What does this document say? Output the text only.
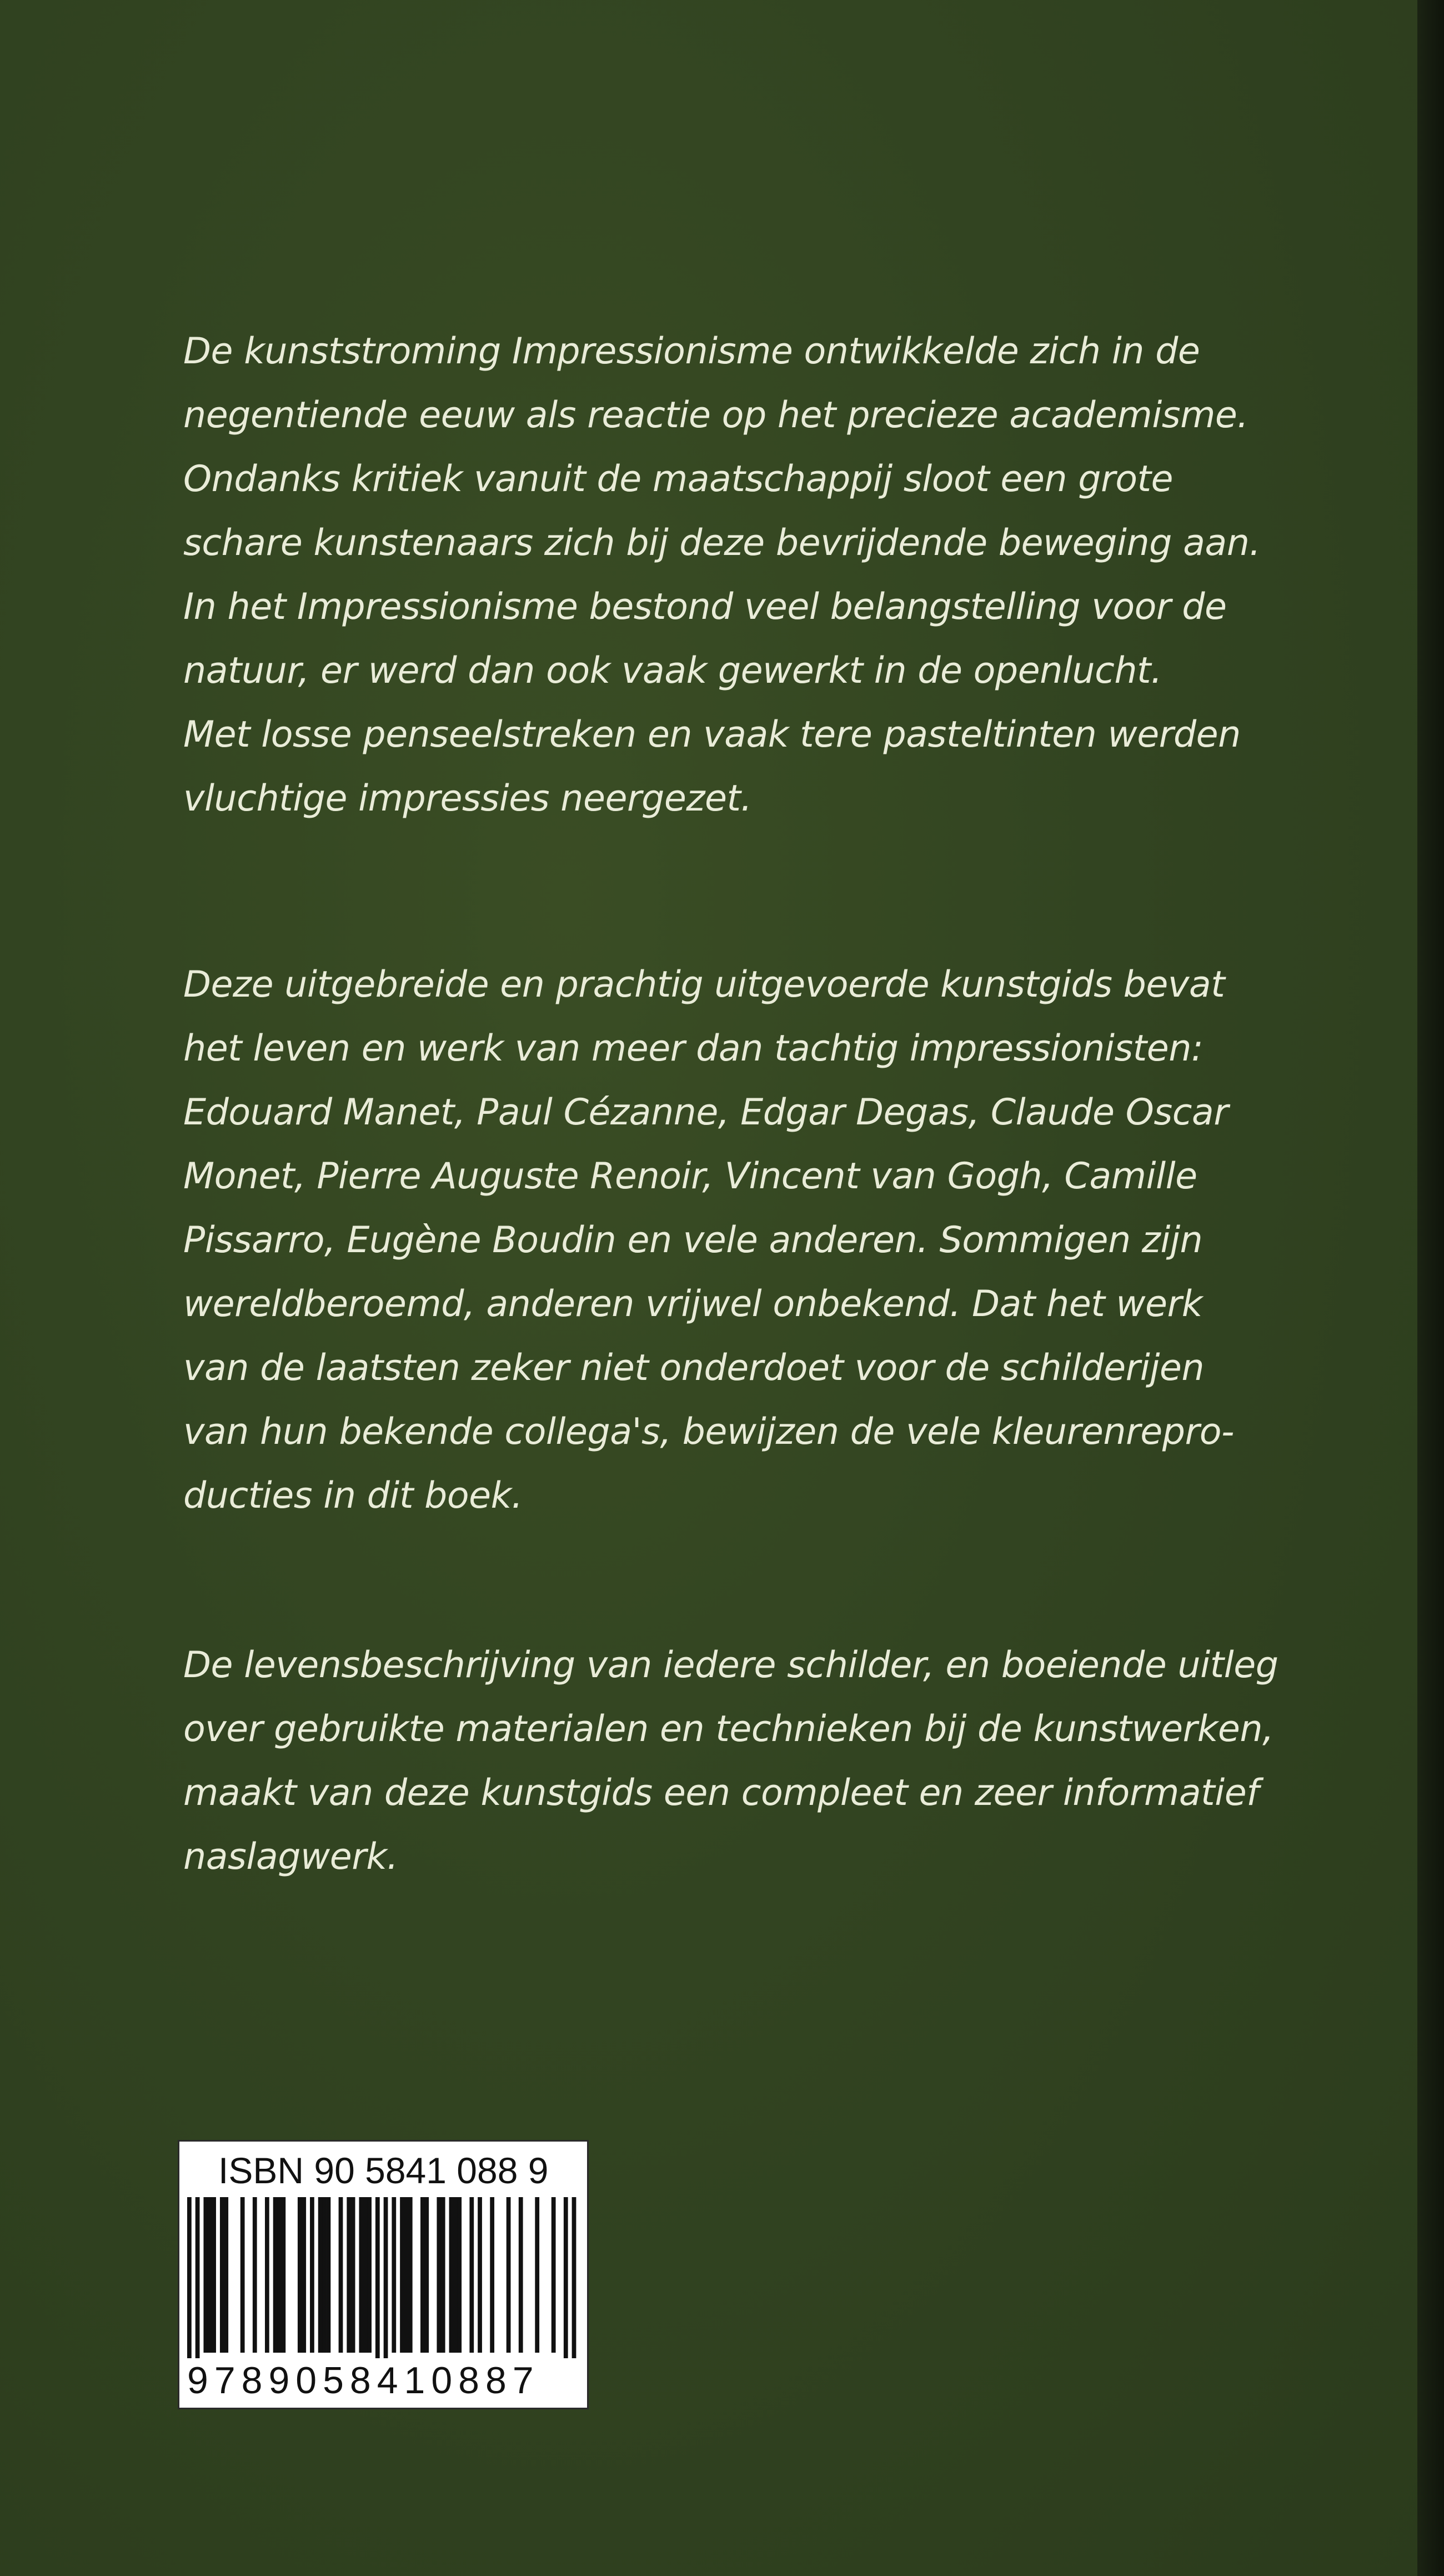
De kunststroming Impressionisme ontwikkelde zich in de
negentiende eeuw als reactie op het precieze academisme.
Ondanks kritiek vanuit de maatschappij sloot een grote
schare kunstenaars zich bij deze bevrijdende beweging aan.
In het Impressionisme bestond veel belangstelling voor de
natuur, er werd dan ook vaak gewerkt in de openlucht.
Met losse penseelstreken en vaak tere pasteltinten werden
vluchtige impressies neergezet.

Deze uitgebreide en prachtig uitgevoerde kunstgids bevat
het leven en werk van meer dan tachtig impressionisten:
Edouard Manet, Paul Cézanne, Edgar Degas, Claude Oscar
Monet, Pierre Auguste Renoir, Vincent van Gogh, Camille
Pissarro, Eugène Boudin en vele anderen. Sommigen zijn
wereldberoemd, anderen vrijwel onbekend. Dat het werk
van de laatsten zeker niet onderdoet voor de schilderijen
van hun bekende collega's, bewijzen de vele kleurenrepro-
ducties in dit boek.

De levensbeschrijving van iedere schilder, en boeiende uitleg
over gebruikte materialen en technieken bij de kunstwerken,
maakt van deze kunstgids een compleet en zeer informatief
naslagwerk.

ISBN 90 5841 088 9
9789058410887
